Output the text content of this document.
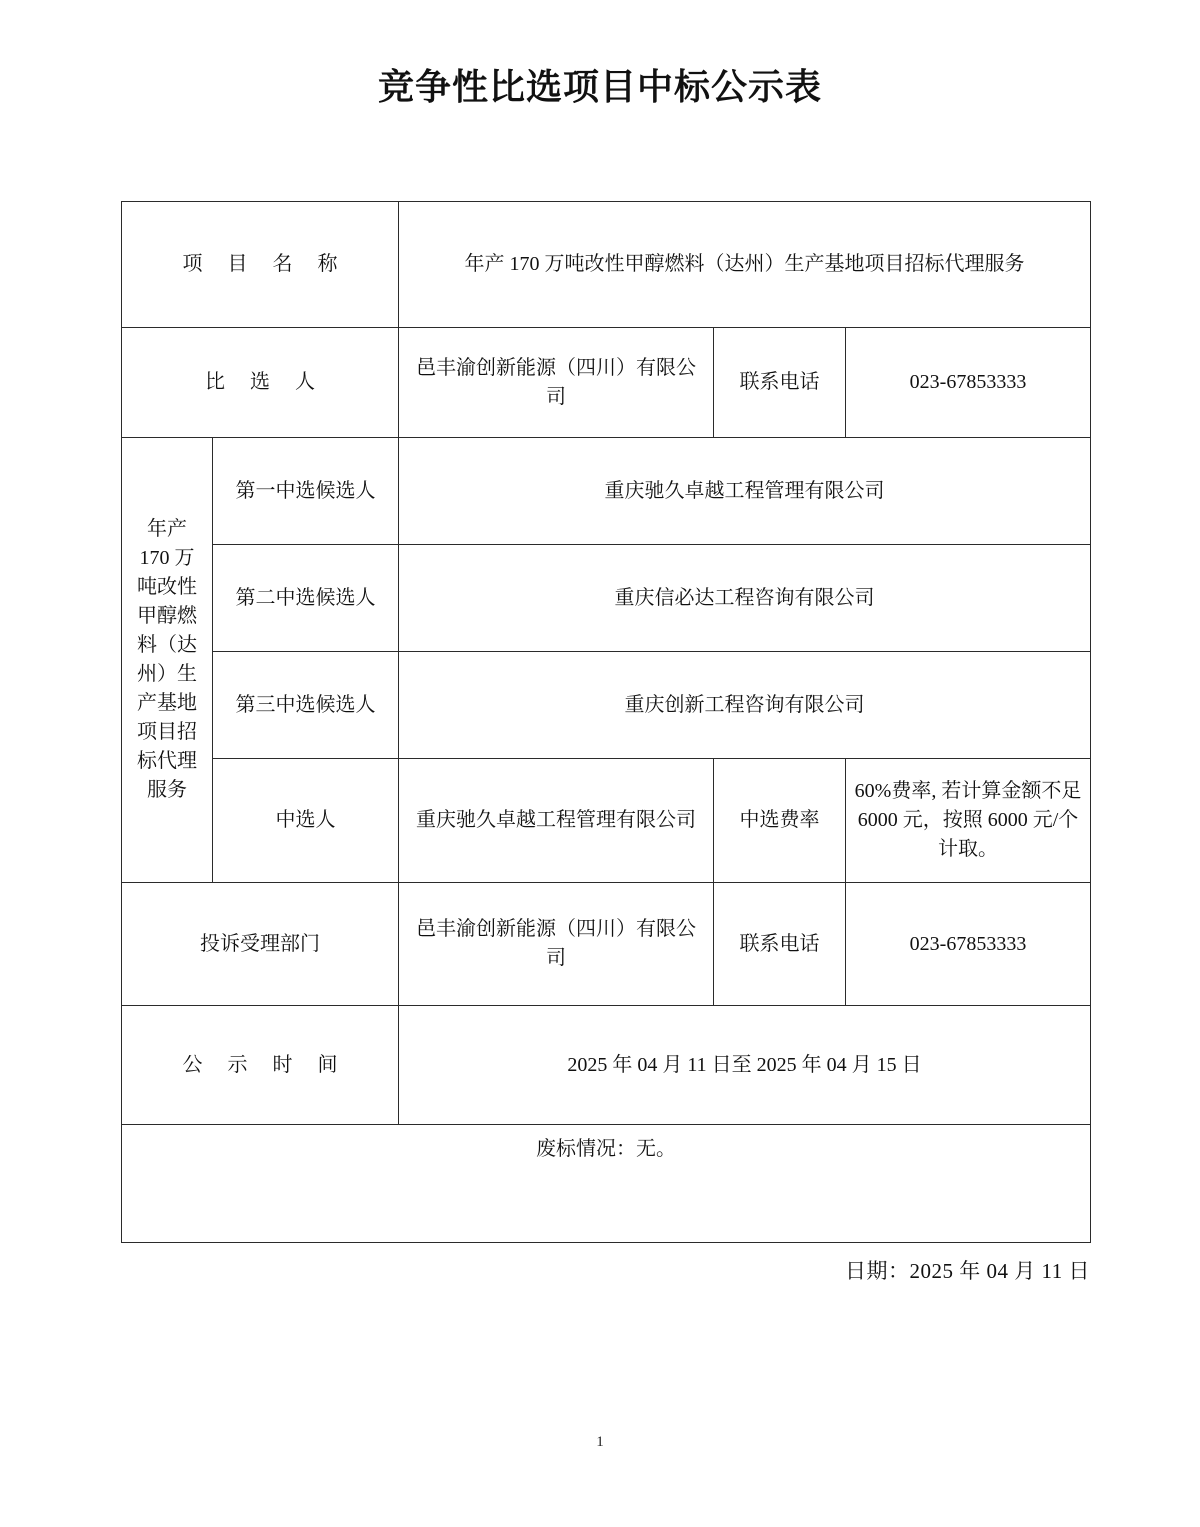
竞争性比选项目中标公示表
项 目 名 称		年产 170 万吨改性甲醇燃料（达州）生产基地项目招标代理服务		
比 选 人		邑丰渝创新能源（四川）有限公司	联系电话	023-67853333
年产 170 万吨改性甲醇燃料（达州）生产基地项目招标代理服务	第一中选候选人	重庆驰久卓越工程管理有限公司		
	第二中选候选人	重庆信必达工程咨询有限公司		
	第三中选候选人	重庆创新工程咨询有限公司		
	中选人	重庆驰久卓越工程管理有限公司	中选费率	60%费率, 若计算金额不足 6000 元，按照 6000 元/个计取。
投诉受理部门		邑丰渝创新能源（四川）有限公司	联系电话	023-67853333
公 示 时 间		2025 年 04 月 11 日至 2025 年 04 月 15 日		
废标情况：无。				
日期：2025 年 04 月 11 日
1
